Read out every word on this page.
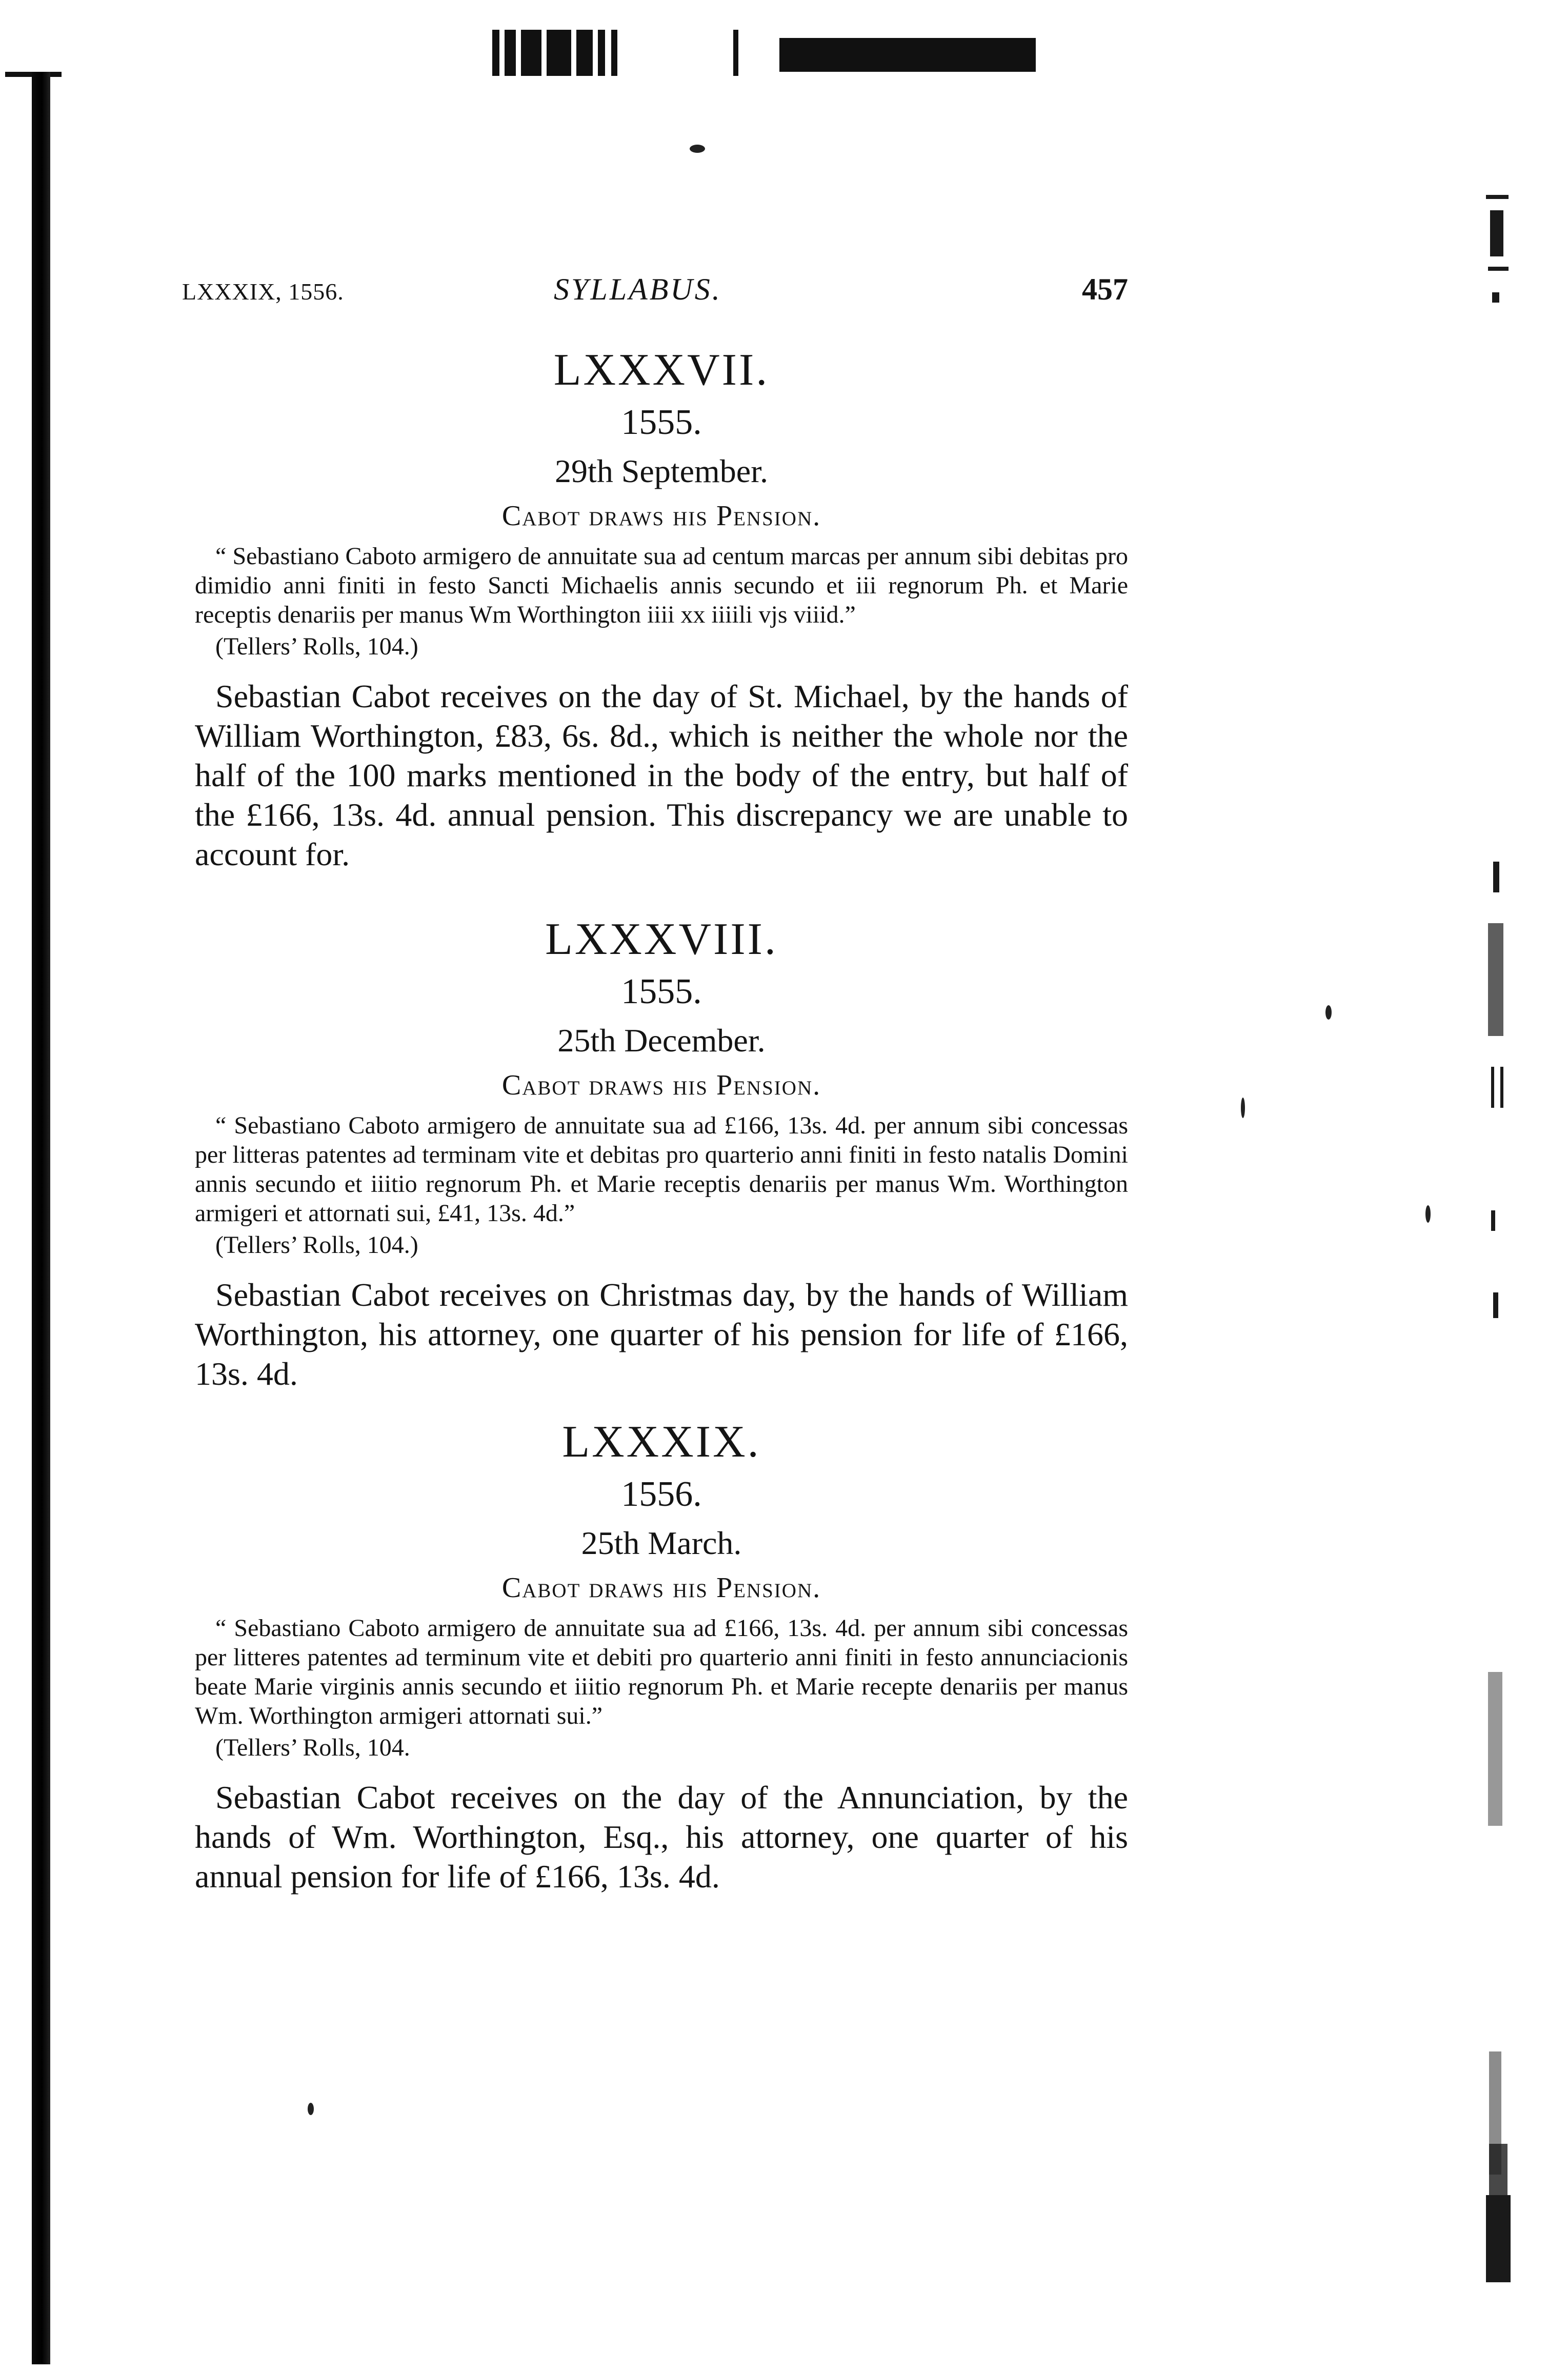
LXXXIX, 1556.	SYLLABUS.	457
LXXXVII.
1555.
29th September.
Cabot draws his Pension.

“ Sebastiano Caboto armigero de annuitate sua ad centum marcas per annum sibi debitas pro dimidio anni finiti in festo Sancti Michaelis annis secundo et iii regnorum Ph. et Marie receptis denariis per manus Wm Worthington iiii xx iiiili vjs viiid.”

(Tellers’ Rolls, 104.)

Sebastian Cabot receives on the day of St. Michael, by the hands of William Worthington, £83, 6s. 8d., which is neither the whole nor the half of the 100 marks mentioned in the body of the entry, but half of the £166, 13s. 4d. annual pension. This discrepancy we are unable to account for.

LXXXVIII.
1555.
25th December.
Cabot draws his Pension.

“ Sebastiano Caboto armigero de annuitate sua ad £166, 13s. 4d. per annum sibi concessas per litteras patentes ad terminam vite et debitas pro quarterio anni finiti in festo natalis Domini annis secundo et iiitio regnorum Ph. et Marie receptis denariis per manus Wm. Worthington armigeri et attornati sui, £41, 13s. 4d.”

(Tellers’ Rolls, 104.)

Sebastian Cabot receives on Christmas day, by the hands of William Worthington, his attorney, one quarter of his pension for life of £166, 13s. 4d.

LXXXIX.
1556.
25th March.
Cabot draws his Pension.

“ Sebastiano Caboto armigero de annuitate sua ad £166, 13s. 4d. per annum sibi concessas per litteres patentes ad terminum vite et debiti pro quarterio anni finiti in festo annunciacionis beate Marie virginis annis secundo et iiitio regnorum Ph. et Marie recepte denariis per manus Wm. Worthington armigeri attornati sui.”

(Tellers’ Rolls, 104.

Sebastian Cabot receives on the day of the Annunciation, by the hands of Wm. Worthington, Esq., his attorney, one quarter of his annual pension for life of £166, 13s. 4d.
